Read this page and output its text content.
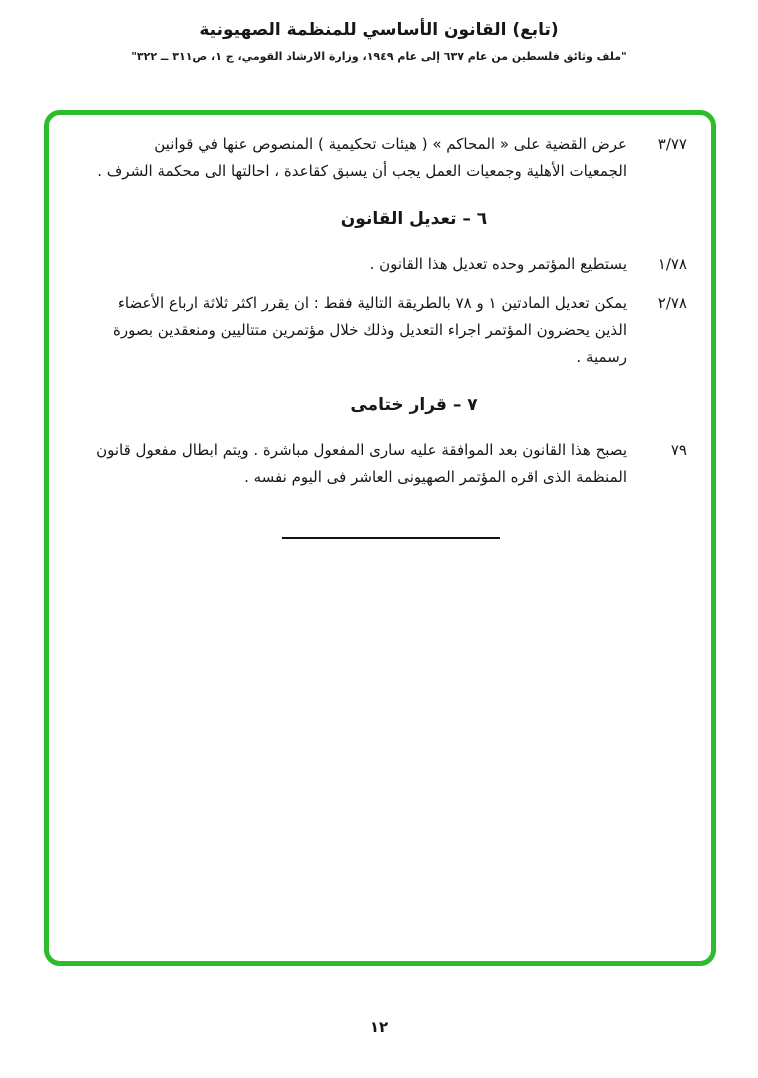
(تابع) القانون الأساسي للمنظمة الصهيونية
"ملف وثائق فلسطين من عام ٦٣٧ إلى عام ١٩٤٩، وزارة الارشاد القومي، ج ١، ص٣١١ ــ ٣٢٢"
٣/٧٧

عرض القضية على « المحاكم » ( هيئات تحكيمية ) المنصوص عنها في قوانين الجمعيات الأهلية وجمعيات العمل يجب أن يسبق كقاعدة ، احالتها الى محكمة الشرف .

٦ – تعديل القانون
١/٧٨

يستطيع المؤتمر وحده تعديل هذا القانون .

٢/٧٨

يمكن تعديل المادتين ١ و ٧٨ بالطريقة التالية فقط : ان يقرر اكثر ثلاثة ارباع الأعضاء الذين يحضرون المؤتمر اجراء التعديل وذلك خلال مؤتمرين متتاليين ومنعقدين بصورة رسمية .

٧ – قرار ختامى
٧٩

يصبح هذا القانون بعد الموافقة عليه سارى المفعول مباشرة . ويتم ابطال مفعول قانون المنظمة الذى اقره المؤتمر الصهيونى العاشر فى اليوم نفسه .

١٢
